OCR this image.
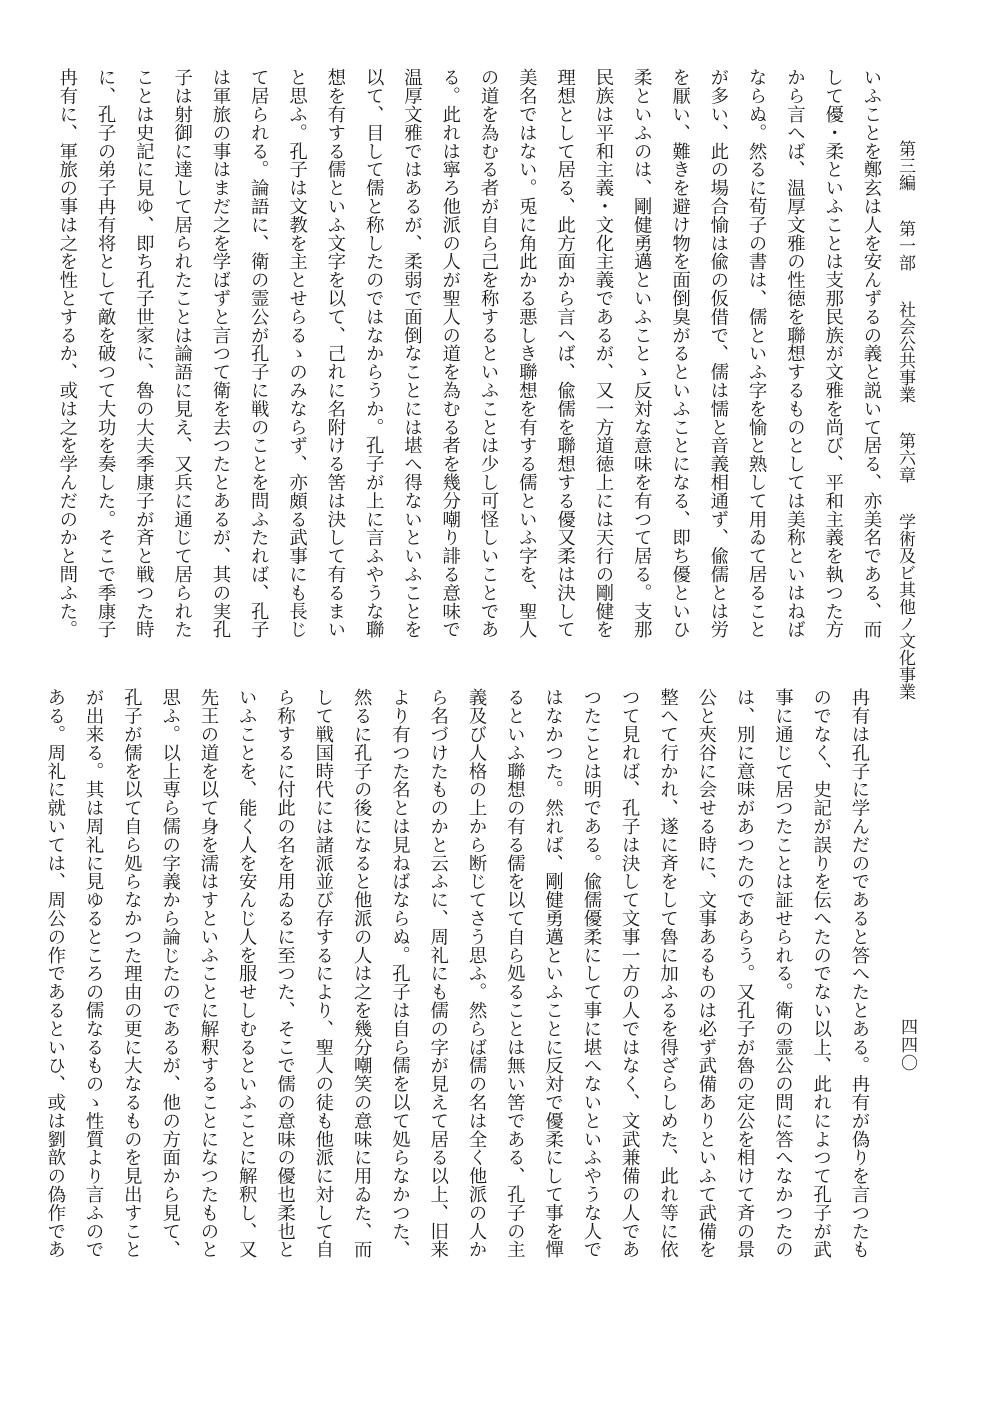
第三編 第一部 社会公共事業 第六章 学術及ビ其他ノ文化事業
いふことを鄭玄は人を安んずるの義と説いて居る、亦美名である、而
して優・柔といふことは支那民族が文雅を尚び、平和主義を執つた方
から言へば、温厚文雅の性徳を聯想するものとしては美称といはねば
ならぬ。然るに荀子の書は、儒といふ字を愉と熟して用ゐて居ること
が多い、此の場合愉は偸の仮借で、儒は懦と音義相通ず、偸儒とは労
を厭い、難きを避け物を面倒臭がるといふことになる、即ち優といひ
柔といふのは、剛健勇邁といふことゝ反対な意味を有つて居る。支那
民族は平和主義・文化主義であるが、又一方道徳上には天行の剛健を
理想として居る、此方面から言へば、偸儒を聯想する優又柔は決して
美名ではない。兎に角此かる悪しき聯想を有する儒といふ字を、聖人
の道を為むる者が自ら己を称するといふことは少し可怪しいことであ
る。此れは寧ろ他派の人が聖人の道を為むる者を幾分嘲り誹る意味で
温厚文雅ではあるが、柔弱で面倒なことには堪へ得ないといふことを
以て、目して儒と称したのではなからうか。孔子が上に言ふやうな聯
想を有する儒といふ文字を以て、己れに名附ける筈は決して有るまい
と思ふ。孔子は文教を主とせらるゝのみならず、亦頗る武事にも長じ
て居られる。論語に、衛の霊公が孔子に戦のことを問ふたれば、孔子
は軍旅の事はまだ之を学ばずと言つて衛を去つたとあるが、其の実孔
子は射御に達して居られたことは論語に見え、又兵に通じて居られた
ことは史記に見ゆ、即ち孔子世家に、魯の大夫季康子が斉と戦つた時
に、孔子の弟子冉有将として敵を破つて大功を奏した。そこで季康子
冉有に、軍旅の事は之を性とするか、或は之を学んだのかと問ふた。
冉有は孔子に学んだのであると答へたとある。冉有が偽りを言つたも
のでなく、史記が誤りを伝へたのでない以上、此れによつて孔子が武
事に通じて居つたことは証せられる。衛の霊公の問に答へなかつたの
は、別に意味があつたのであらう。又孔子が魯の定公を相けて斉の景
公と夾谷に会せる時に、文事あるものは必ず武備ありといふて武備を
整へて行かれ、遂に斉をして魯に加ふるを得ざらしめた、此れ等に依
つて見れば、孔子は決して文事一方の人ではなく、文武兼備の人であ
つたことは明である。偸儒優柔にして事に堪へないといふやうな人で
はなかつた。然れば、剛健勇邁といふことに反対で優柔にして事を憚
るといふ聯想の有る儒を以て自ら処ることは無い筈である、孔子の主
義及び人格の上から断じてさう思ふ。然らば儒の名は全く他派の人か
ら名づけたものかと云ふに、周礼にも儒の字が見えて居る以上、旧来
より有つた名とは見ねばならぬ。孔子は自ら儒を以て処らなかつた、
然るに孔子の後になると他派の人は之を幾分嘲笑の意味に用ゐた、而
して戦国時代には諸派並び存するにより、聖人の徒も他派に対して自
ら称するに付此の名を用ゐるに至つた、そこで儒の意味の優也柔也と
いふことを、能く人を安んじ人を服せしむるといふことに解釈し、又
先王の道を以て身を濡はすといふことに解釈することになつたものと
思ふ。以上専ら儒の字義から論じたのであるが、他の方面から見て、
孔子が儒を以て自ら処らなかつた理由の更に大なるものを見出すこと
が出来る。其は周礼に見ゆるところの儒なるものゝ性質より言ふので
ある。周礼に就いては、周公の作であるといひ、或は劉歆の偽作であ	四四〇
